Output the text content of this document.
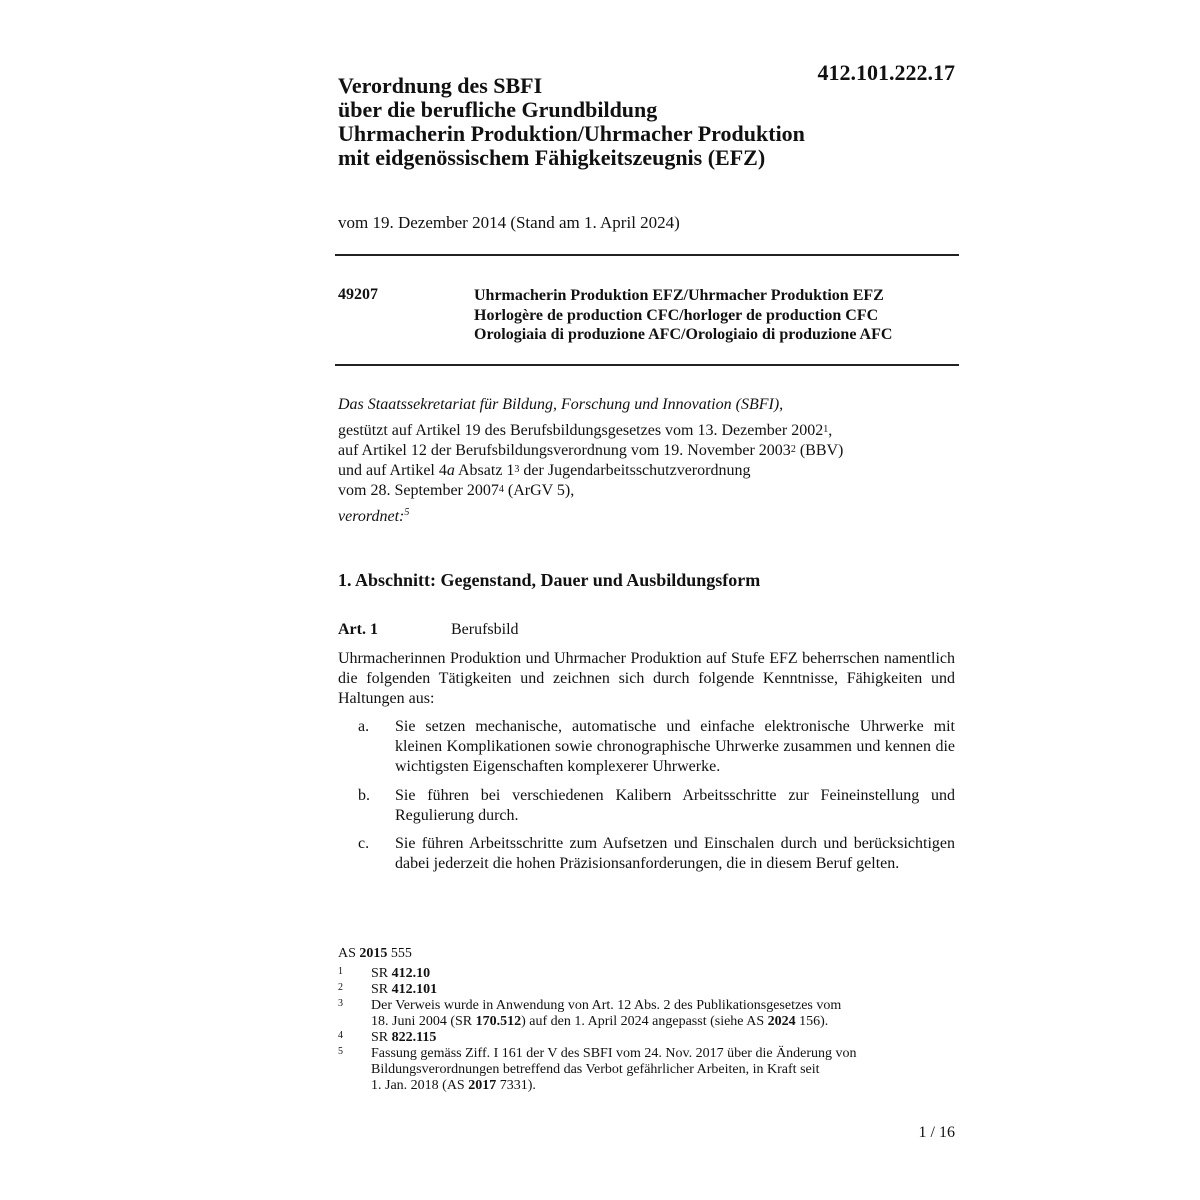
412.101.222.17
Verordnung des SBFI
über die berufliche Grundbildung
Uhrmacherin Produktion/Uhrmacher Produktion
mit eidgenössischem Fähigkeitszeugnis (EFZ)
vom 19. Dezember 2014 (Stand am 1. April 2024)
49207	Uhrmacherin Produktion EFZ/Uhrmacher Produktion EFZ
Horlogère de production CFC/horloger de production CFC
Orologiaia di produzione AFC/Orologiaio di produzione AFC
Das Staatssekretariat für Bildung, Forschung und Innovation (SBFI),
gestützt auf Artikel 19 des Berufsbildungsgesetzes vom 13. Dezember 2002$^1$,
auf Artikel 12 der Berufsbildungsverordnung vom 19. November 2003$^2$ (BBV)
und auf Artikel 4a Absatz $1^3$ der Jugendarbeitsschutzverordnung
vom 28. September 2007$^4$ (ArGV 5),
verordnet:$^5$
1. Abschnitt: Gegenstand, Dauer und Ausbildungsform
Art. 1	Berufsbild
Uhrmacherinnen Produktion und Uhrmacher Produktion auf Stufe EFZ beherrschen namentlich die folgenden Tätigkeiten und zeichnen sich durch folgende Kenntnisse, Fähigkeiten und Haltungen aus:
a. Sie setzen mechanische, automatische und einfache elektronische Uhrwerke mit kleinen Komplikationen sowie chronographische Uhrwerke zusammen und kennen die wichtigsten Eigenschaften komplexerer Uhrwerke.
b. Sie führen bei verschiedenen Kalibern Arbeitsschritte zur Feineinstellung und Regulierung durch.
c. Sie führen Arbeitsschritte zum Aufsetzen und Einschalen durch und berücksichtigen dabei jederzeit die hohen Präzisionsanforderungen, die in diesem Beruf gelten.
AS 2015 555
1 SR 412.10
2 SR 412.101
3 Der Verweis wurde in Anwendung von Art. 12 Abs. 2 des Publikationsgesetzes vom
18. Juni 2004 (SR 170.512) auf den 1. April 2024 angepasst (siehe AS 2024 156).
4 SR 822.115
5 Fassung gemäss Ziff. I 161 der V des SBFI vom 24. Nov. 2017 über die Änderung von
Bildungsverordnungen betreffend das Verbot gefährlicher Arbeiten, in Kraft seit
1. Jan. 2018 (AS 2017 7331).
1 / 16
